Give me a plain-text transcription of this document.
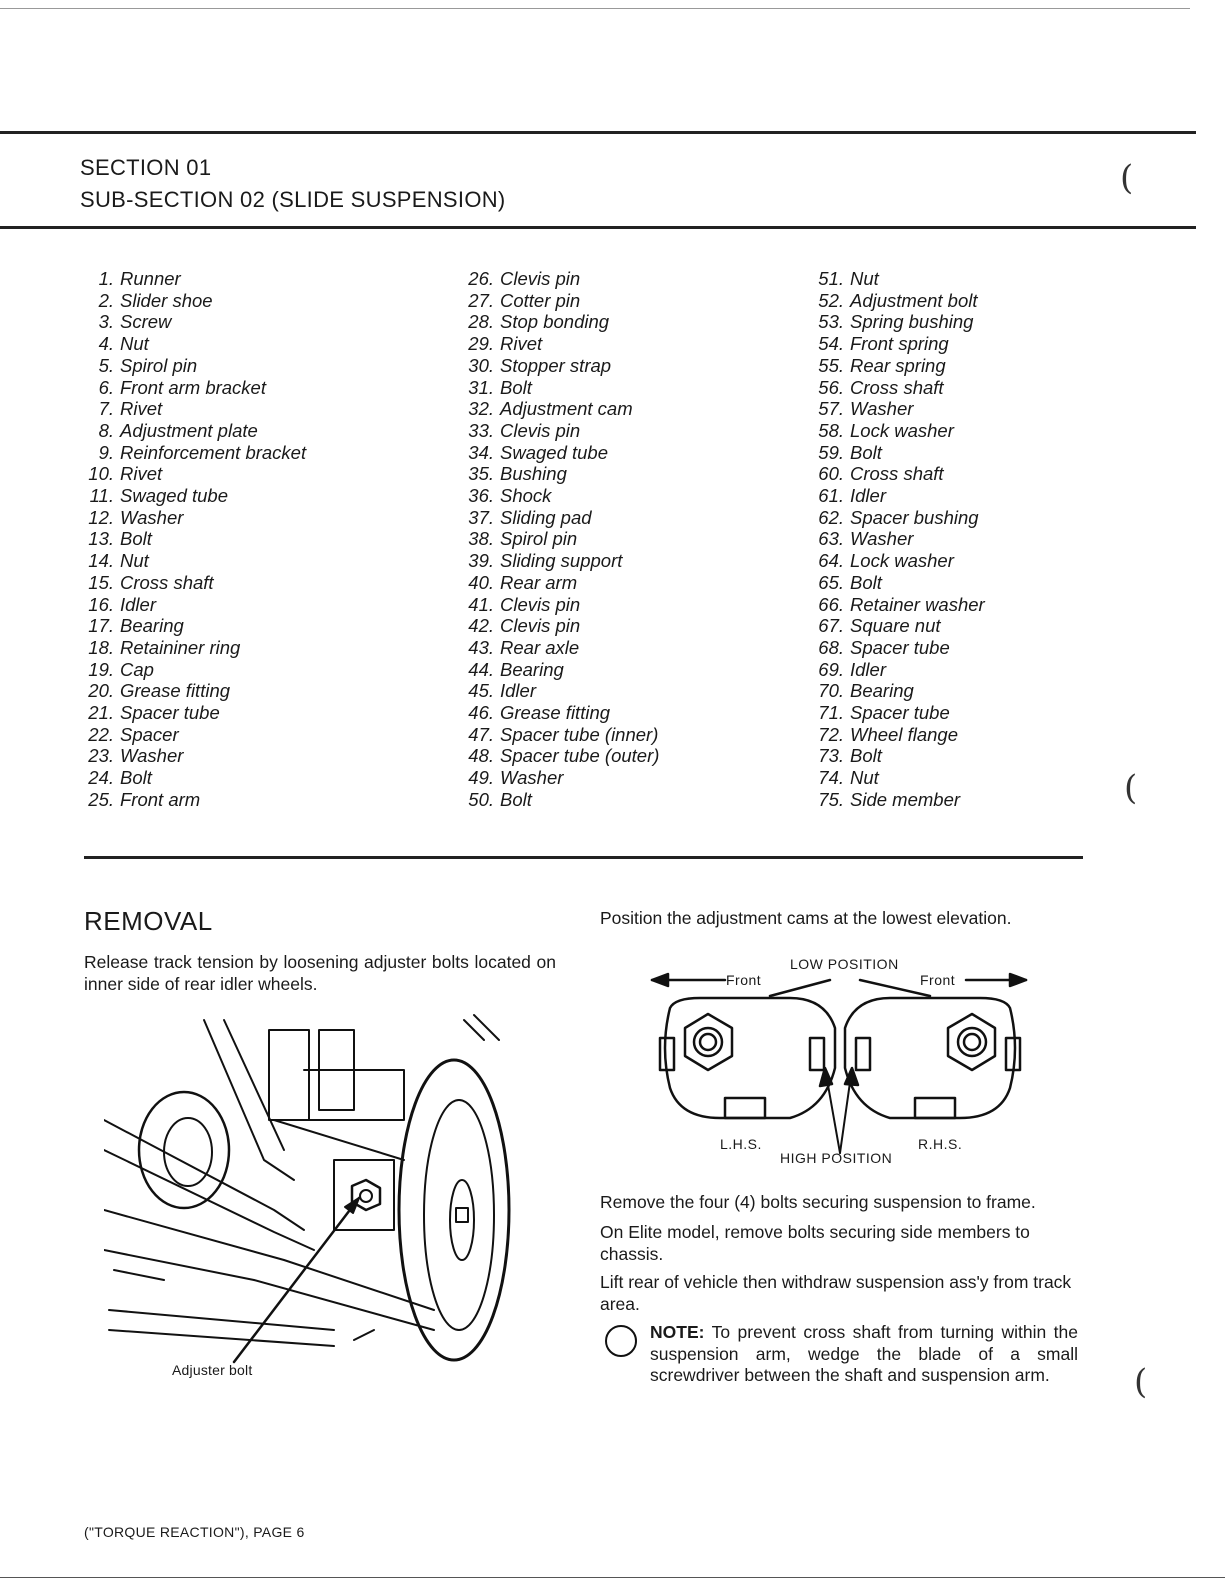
(
(
(
SECTION 01
SUB-SECTION 02 (SLIDE SUSPENSION)
1. Runner
2. Slider shoe
3. Screw
4. Nut
5. Spirol pin
6. Front arm bracket
7. Rivet
8. Adjustment plate
9. Reinforcement bracket
10. Rivet
11. Swaged tube
12. Washer
13. Bolt
14. Nut
15. Cross shaft
16. Idler
17. Bearing
18. Retaininer ring
19. Cap
20. Grease fitting
21. Spacer tube
22. Spacer
23. Washer
24. Bolt
25. Front arm
26. Clevis pin
27. Cotter pin
28. Stop bonding
29. Rivet
30. Stopper strap
31. Bolt
32. Adjustment cam
33. Clevis pin
34. Swaged tube
35. Bushing
36. Shock
37. Sliding pad
38. Spirol pin
39. Sliding support
40. Rear arm
41. Clevis pin
42. Clevis pin
43. Rear axle
44. Bearing
45. Idler
46. Grease fitting
47. Spacer tube (inner)
48. Spacer tube (outer)
49. Washer
50. Bolt
51. Nut
52. Adjustment bolt
53. Spring bushing
54. Front spring
55. Rear spring
56. Cross shaft
57. Washer
58. Lock washer
59. Bolt
60. Cross shaft
61. Idler
62. Spacer bushing
63. Washer
64. Lock washer
65. Bolt
66. Retainer washer
67. Square nut
68. Spacer tube
69. Idler
70. Bearing
71. Spacer tube
72. Wheel flange
73. Bolt
74. Nut
75. Side member
REMOVAL
Release track tension by loosening adjuster bolts located on inner side of rear idler wheels.
Adjuster bolt
Position the adjustment cams at the lowest elevation.
LOW POSITION
Front	Front
L.H.S.	R.H.S.
HIGH POSITION
Remove the four (4) bolts securing suspension to frame.
On Elite model, remove bolts securing side members to chassis.
Lift rear of vehicle then withdraw suspension ass'y from track area.
NOTE: To prevent cross shaft from turning within the suspension arm, wedge the blade of a small screwdriver between the shaft and suspension arm.
("TORQUE REACTION"), PAGE 6
